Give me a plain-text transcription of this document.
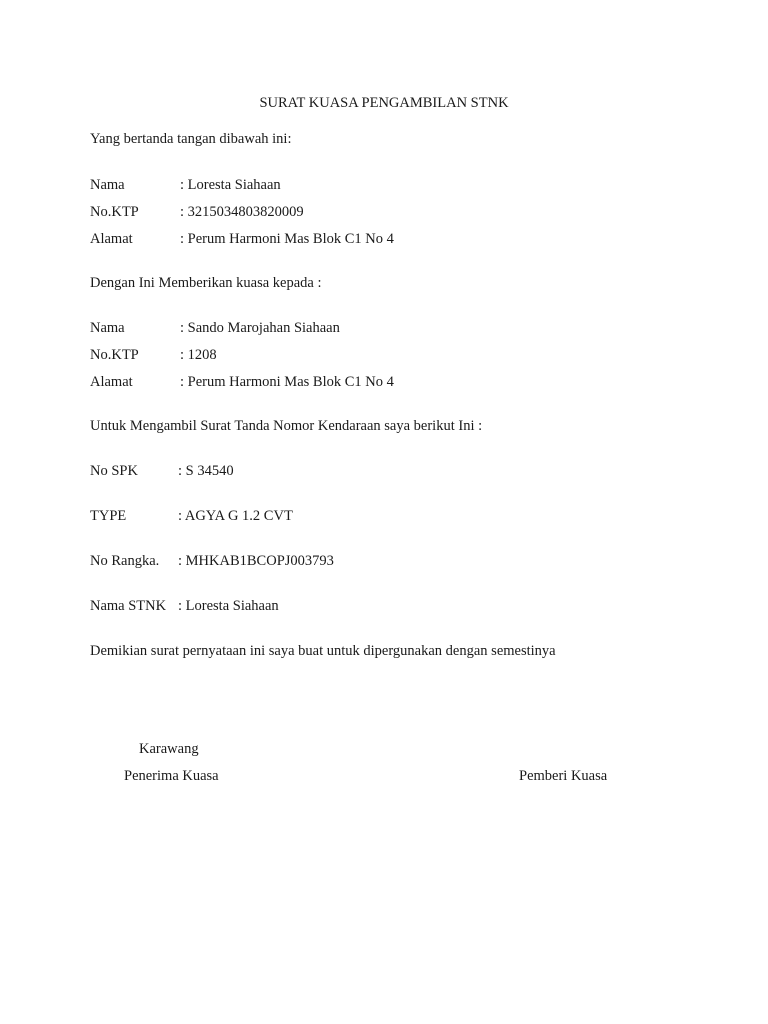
SURAT KUASA PENGAMBILAN STNK
Yang bertanda tangan dibawah ini:
Nama	: Loresta Siahaan
No.KTP	: 3215034803820009
Alamat	: Perum Harmoni Mas Blok C1 No 4
Dengan Ini Memberikan kuasa kepada :
Nama	: Sando Marojahan Siahaan
No.KTP	: 1208
Alamat	: Perum Harmoni Mas Blok C1 No 4
Untuk Mengambil Surat Tanda Nomor Kendaraan saya berikut Ini :
No SPK	: S 34540
TYPE	: AGYA G 1.2 CVT
No Rangka. : MHKAB1BCOPJ003793
Nama STNK : Loresta Siahaan
Demikian surat pernyataan ini saya buat untuk dipergunakan dengan semestinya
Karawang
Penerima Kuasa	Pemberi Kuasa
